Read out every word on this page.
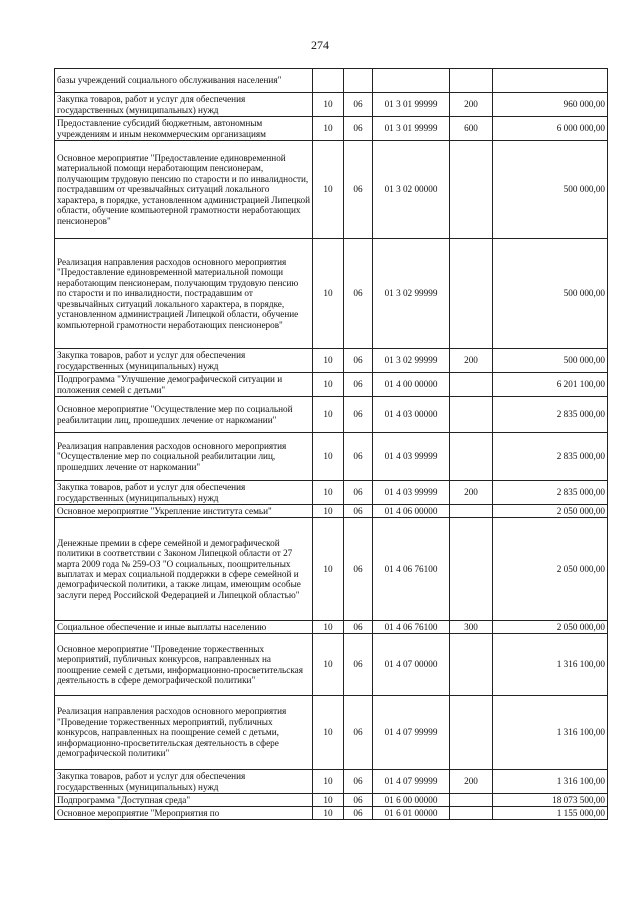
274
базы учреждений социального обслуживания населения"					
Закупка товаров, работ и услуг для обеспечения государственных (муниципальных) нужд	10	06	01 3 01 99999	200	960 000,00
Предоставление субсидий бюджетным, автономным учреждениям и иным некоммерческим организациям	10	06	01 3 01 99999	600	6 000 000,00
Основное мероприятие "Предоставление единовременной материальной помощи неработающим пенсионерам, получающим трудовую пенсию по старости и по инвалидности, пострадавшим от чрезвычайных ситуаций локального характера, в порядке, установленном администрацией Липецкой области, обучение компьютерной грамотности неработающих пенсионеров"	10	06	01 3 02 00000		500 000,00
Реализация направления расходов основного мероприятия "Предоставление единовременной материальной помощи неработающим пенсионерам, получающим трудовую пенсию по старости и по инвалидности, пострадавшим от чрезвычайных ситуаций локального характера, в порядке, установленном администрацией Липецкой области, обучение компьютерной грамотности неработающих пенсионеров"	10	06	01 3 02 99999		500 000,00
Закупка товаров, работ и услуг для обеспечения государственных (муниципальных) нужд	10	06	01 3 02 99999	200	500 000,00
Подпрограмма "Улучшение демографической ситуации и положения семей с детьми"	10	06	01 4 00 00000		6 201 100,00
Основное мероприятие "Осуществление мер по социальной реабилитации лиц, прошедших лечение от наркомании"	10	06	01 4 03 00000		2 835 000,00
Реализация направления расходов основного мероприятия "Осуществление мер по социальной реабилитации лиц, прошедших лечение от наркомании"	10	06	01 4 03 99999		2 835 000,00
Закупка товаров, работ и услуг для обеспечения государственных (муниципальных) нужд	10	06	01 4 03 99999	200	2 835 000,00
Основное мероприятие "Укрепление института семьи"	10	06	01 4 06 00000		2 050 000,00
Денежные премии в сфере семейной и демографической политики в соответствии с Законом Липецкой области от 27 марта 2009 года № 259-ОЗ "О социальных, поощрительных выплатах и мерах социальной поддержки в сфере семейной и демографической политики, а также лицам, имеющим особые заслуги перед Российской Федерацией и Липецкой областью"	10	06	01 4 06 76100		2 050 000,00
Социальное обеспечение и иные выплаты населению	10	06	01 4 06 76100	300	2 050 000,00
Основное мероприятие "Проведение торжественных мероприятий, публичных конкурсов, направленных на поощрение семей с детьми, информационно-просветительская деятельность в сфере демографической политики"	10	06	01 4 07 00000		1 316 100,00
Реализация направления расходов основного мероприятия "Проведение торжественных мероприятий, публичных конкурсов, направленных на поощрение семей с детьми, информационно-просветительская деятельность в сфере демографической политики"	10	06	01 4 07 99999		1 316 100,00
Закупка товаров, работ и услуг для обеспечения государственных (муниципальных) нужд	10	06	01 4 07 99999	200	1 316 100,00
Подпрограмма "Доступная среда"	10	06	01 6 00 00000		18 073 500,00
Основное мероприятие "Мероприятия по	10	06	01 6 01 00000		1 155 000,00
